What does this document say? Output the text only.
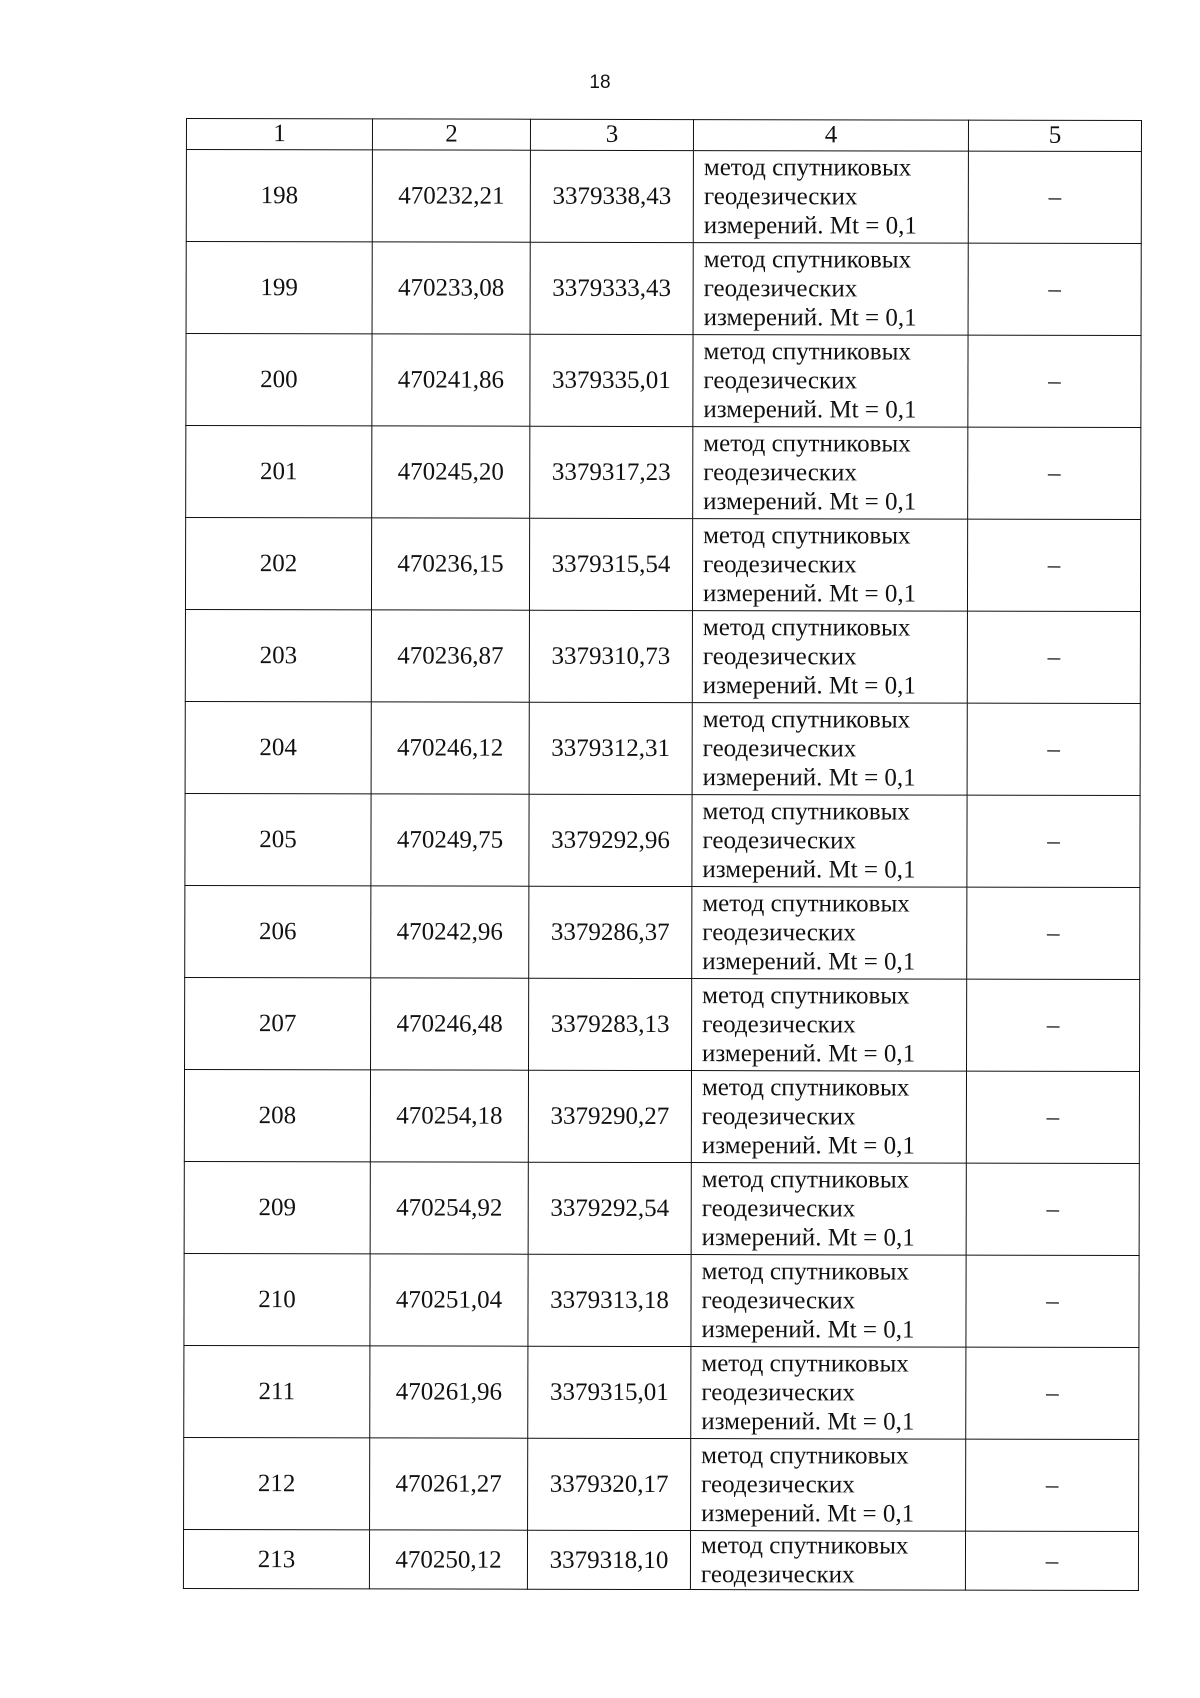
18
1	2	3	4	5
198	470232,21	3379338,43	метод спутниковых
геодезических
измерений. Mt = 0,1	–
199	470233,08	3379333,43	метод спутниковых
геодезических
измерений. Mt = 0,1	–
200	470241,86	3379335,01	метод спутниковых
геодезических
измерений. Mt = 0,1	–
201	470245,20	3379317,23	метод спутниковых
геодезических
измерений. Mt = 0,1	–
202	470236,15	3379315,54	метод спутниковых
геодезических
измерений. Mt = 0,1	–
203	470236,87	3379310,73	метод спутниковых
геодезических
измерений. Mt = 0,1	–
204	470246,12	3379312,31	метод спутниковых
геодезических
измерений. Mt = 0,1	–
205	470249,75	3379292,96	метод спутниковых
геодезических
измерений. Mt = 0,1	–
206	470242,96	3379286,37	метод спутниковых
геодезических
измерений. Mt = 0,1	–
207	470246,48	3379283,13	метод спутниковых
геодезических
измерений. Mt = 0,1	–
208	470254,18	3379290,27	метод спутниковых
геодезических
измерений. Mt = 0,1	–
209	470254,92	3379292,54	метод спутниковых
геодезических
измерений. Mt = 0,1	–
210	470251,04	3379313,18	метод спутниковых
геодезических
измерений. Mt = 0,1	–
211	470261,96	3379315,01	метод спутниковых
геодезических
измерений. Mt = 0,1	–
212	470261,27	3379320,17	метод спутниковых
геодезических
измерений. Mt = 0,1	–
213	470250,12	3379318,10	метод спутниковых
геодезических	–
